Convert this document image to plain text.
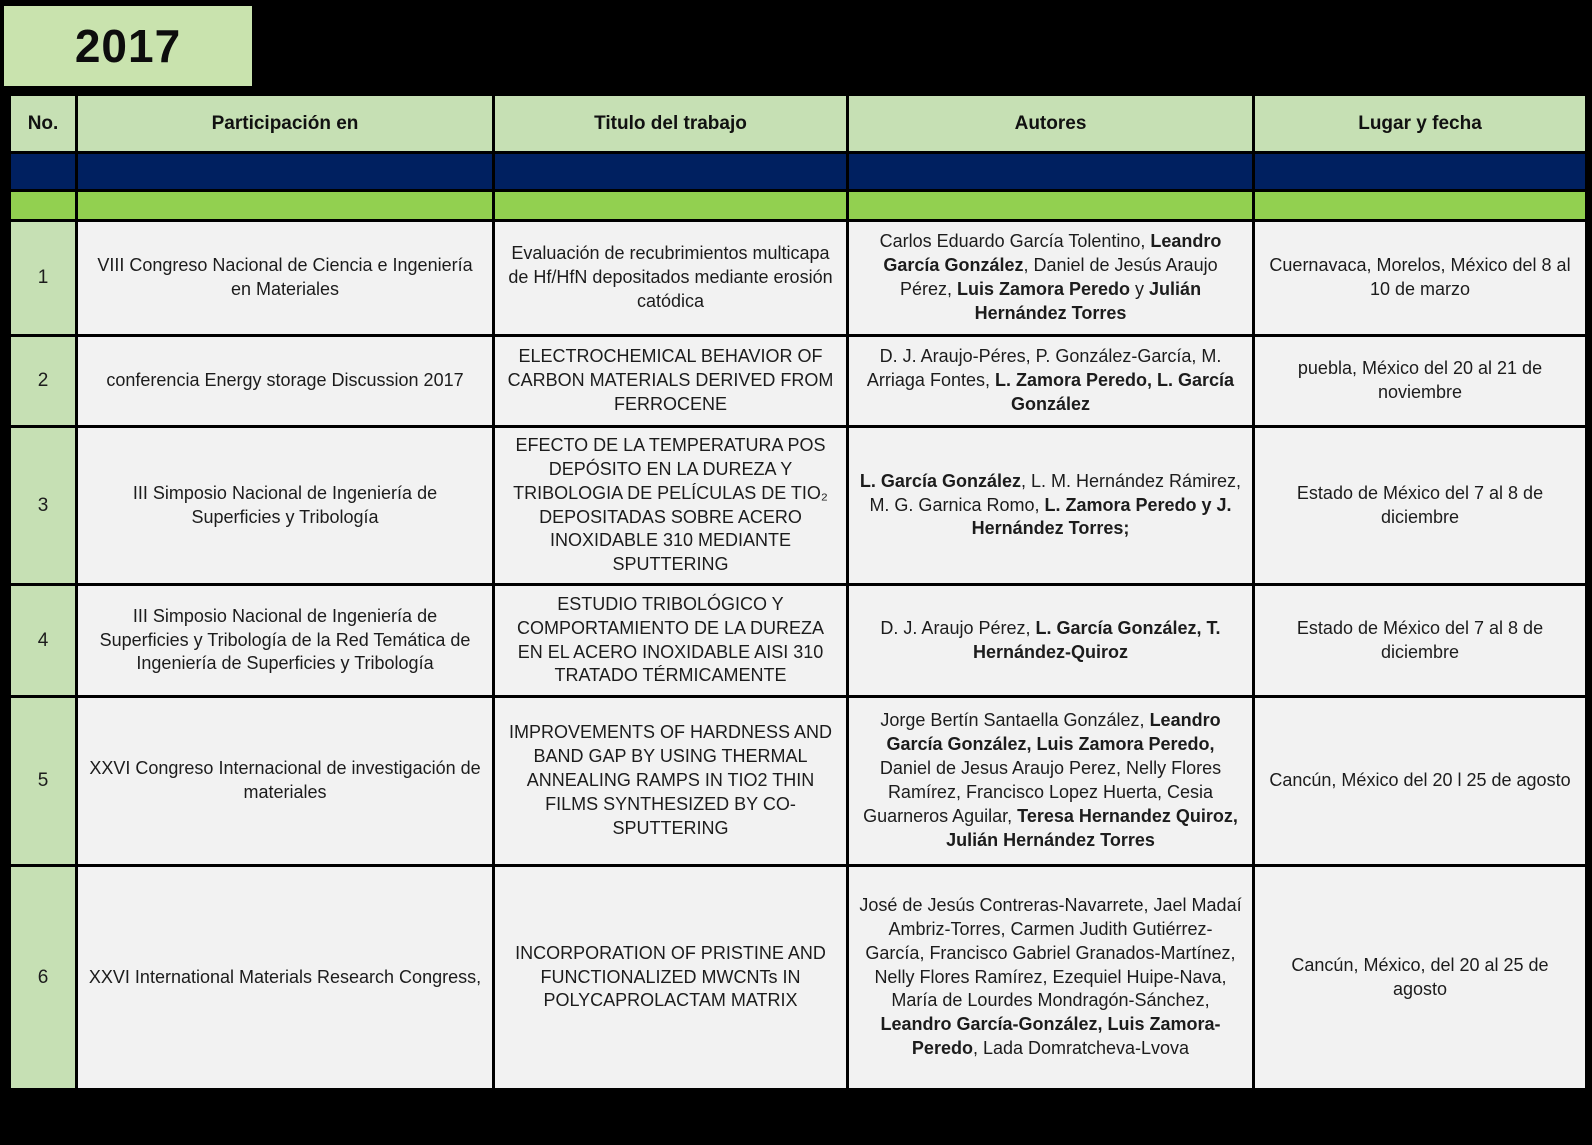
2017
No.	Participación en	Titulo del trabajo	Autores	Lugar y fecha

1	VIII Congreso Nacional de Ciencia e Ingeniería en Materiales	Evaluación de recubrimientos multicapa de Hf/HfN depositados mediante erosión catódica	Carlos Eduardo García Tolentino, Leandro García González, Daniel de Jesús Araujo Pérez, Luis Zamora Peredo y Julián Hernández Torres	Cuernavaca, Morelos, México del 8 al 10 de marzo
2	conferencia Energy storage Discussion 2017	ELECTROCHEMICAL BEHAVIOR OF CARBON MATERIALS DERIVED FROM FERROCENE	D. J. Araujo-Péres, P. González-García, M. Arriaga Fontes, L. Zamora Peredo, L. García González	puebla, México del 20 al 21 de noviembre
3	III Simposio Nacional de Ingeniería de Superficies y Tribología	EFECTO DE LA TEMPERATURA POS DEPÓSITO EN LA DUREZA Y TRIBOLOGIA DE PELÍCULAS DE TIO₂ DEPOSITADAS SOBRE ACERO INOXIDABLE 310 MEDIANTE SPUTTERING	L. García González, L. M. Hernández Rámirez, M. G. Garnica Romo, L. Zamora Peredo y J. Hernández Torres;	Estado de México del 7 al 8 de diciembre
4	III Simposio Nacional de Ingeniería de Superficies y Tribología de la Red Temática de Ingeniería de Superficies y Tribología	ESTUDIO TRIBOLÓGICO Y COMPORTAMIENTO DE LA DUREZA EN EL ACERO INOXIDABLE AISI 310 TRATADO TÉRMICAMENTE	D. J. Araujo Pérez, L. García González, T. Hernández-Quiroz	Estado de México del 7 al 8 de diciembre
5	XXVI Congreso Internacional de investigación de materiales	IMPROVEMENTS OF HARDNESS AND BAND GAP BY USING THERMAL ANNEALING RAMPS IN TIO2 THIN FILMS SYNTHESIZED BY CO-SPUTTERING	Jorge Bertín Santaella González, Leandro García González, Luis Zamora Peredo, Daniel de Jesus Araujo Perez, Nelly Flores Ramírez, Francisco Lopez Huerta, Cesia Guarneros Aguilar, Teresa Hernandez Quiroz, Julián Hernández Torres	Cancún, México del 20 l 25 de agosto
6	XXVI International Materials Research Congress,	INCORPORATION OF PRISTINE AND FUNCTIONALIZED MWCNTs IN POLYCAPROLACTAM MATRIX	José de Jesús Contreras-Navarrete, Jael Madaí Ambriz-Torres, Carmen Judith Gutiérrez-García, Francisco Gabriel Granados-Martínez, Nelly Flores Ramírez, Ezequiel Huipe-Nava, María de Lourdes Mondragón-Sánchez, Leandro García-González, Luis Zamora-Peredo, Lada Domratcheva-Lvova	Cancún, México, del 20 al 25 de agosto
